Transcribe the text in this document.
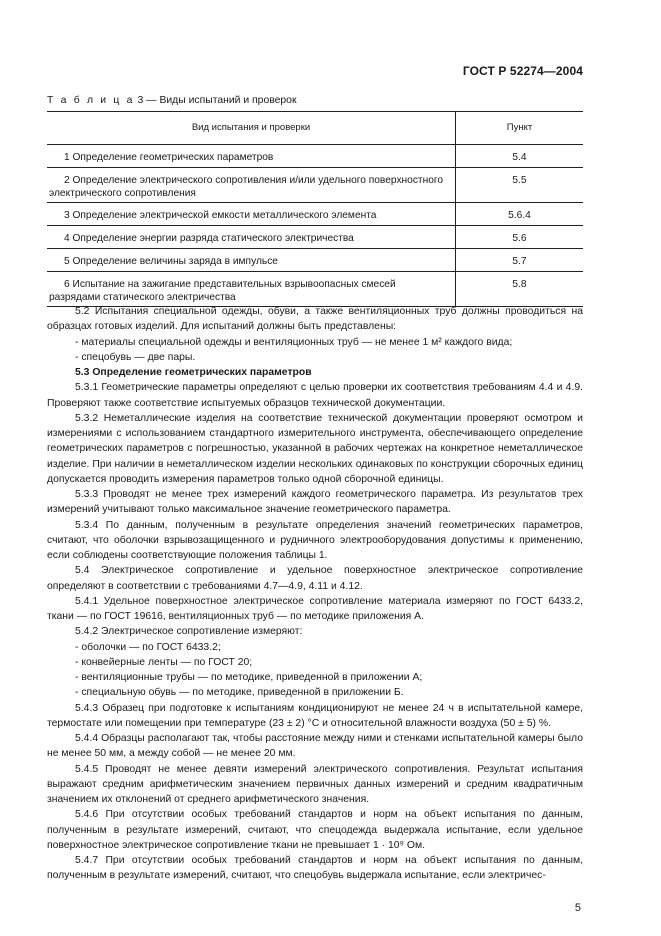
ГОСТ Р 52274—2004
Т а б л и ц а 3 — Виды испытаний и проверок
Вид испытания и проверки	Пункт

1 Определение геометрических параметров	5.4

2 Определение электрического сопротивления и/или удельного поверхностного электрического сопротивления	5.5

3 Определение электрической емкости металлического элемента	5.6.4

4 Определение энергии разряда статического электричества	5.6

5 Определение величины заряда в импульсе	5.7

6 Испытание на зажигание представительных взрывоопасных смесей разрядами статического электричества	5.8

5.2 Испытания специальной одежды, обуви, а также вентиляционных труб должны проводиться на образцах готовых изделий. Для испытаний должны быть представлены:

- материалы специальной одежды и вентиляционных труб — не менее 1 м² каждого вида;

- спецобувь — две пары.

5.3 Определение геометрических параметров

5.3.1 Геометрические параметры определяют с целью проверки их соответствия требованиям 4.4 и 4.9. Проверяют также соответствие испытуемых образцов технической документации.

5.3.2 Неметаллические изделия на соответствие технической документации проверяют осмотром и измерениями с использованием стандартного измерительного инструмента, обеспечивающего определение геометрических параметров с погрешностью, указанной в рабочих чертежах на конкретное неметаллическое изделие. При наличии в неметаллическом изделии нескольких одинаковых по конструкции сборочных единиц допускается проводить измерения параметров только одной сборочной единицы.

5.3.3 Проводят не менее трех измерений каждого геометрического параметра. Из результатов трех измерений учитывают только максимальное значение геометрического параметра.

5.3.4 По данным, полученным в результате определения значений геометрических параметров, считают, что оболочки взрывозащищенного и рудничного электрооборудования допустимы к применению, если соблюдены соответствующие положения таблицы 1.

5.4 Электрическое сопротивление и удельное поверхностное электрическое сопротивление определяют в соответствии с требованиями 4.7—4.9, 4.11 и 4.12.

5.4.1 Удельное поверхностное электрическое сопротивление материала измеряют по ГОСТ 6433.2, ткани — по ГОСТ 19616, вентиляционных труб — по методике приложения А.

5.4.2 Электрическое сопротивление измеряют:

- оболочки — по ГОСТ 6433.2;

- конвейерные ленты — по ГОСТ 20;

- вентиляционные трубы — по методике, приведенной в приложении А;

- специальную обувь — по методике, приведенной в приложении Б.

5.4.3 Образец при подготовке к испытаниям кондиционируют не менее 24 ч в испытательной камере, термостате или помещении при температуре (23 ± 2) °С и относительной влажности воздуха (50 ± 5) %.

5.4.4 Образцы располагают так, чтобы расстояние между ними и стенками испытательной камеры было не менее 50 мм, а между собой — не менее 20 мм.

5.4.5 Проводят не менее девяти измерений электрического сопротивления. Результат испытания выражают средним арифметическим значением первичных данных измерений и средним квадратичным значением их отклонений от среднего арифметического значения.

5.4.6 При отсутствии особых требований стандартов и норм на объект испытания по данным, полученным в результате измерений, считают, что спецодежда выдержала испытание, если удельное поверхностное электрическое сопротивление ткани не превышает 1 · 10⁹ Ом.

5.4.7 При отсутствии особых требований стандартов и норм на объект испытания по данным, полученным в результате измерений, считают, что спецобувь выдержала испытание, если электричес-

5
